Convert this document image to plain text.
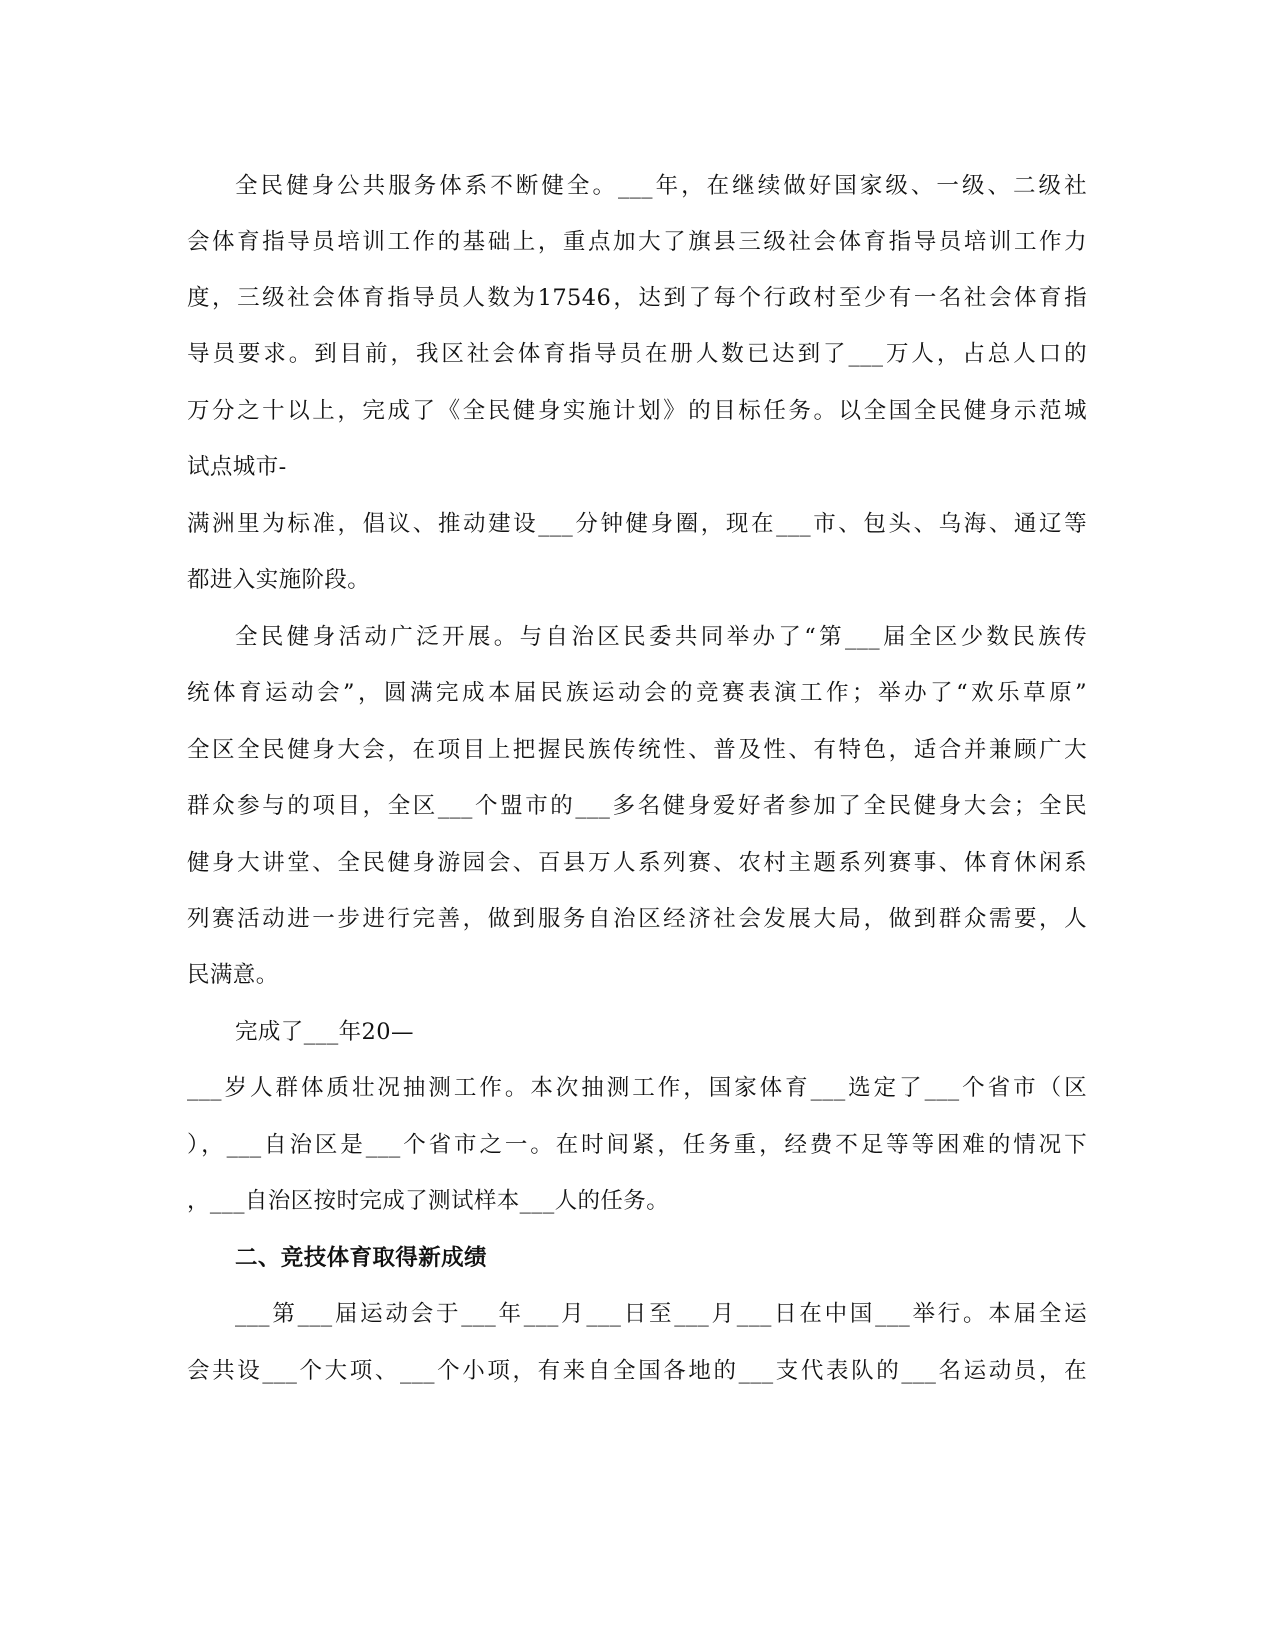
全民健身公共服务体系不断健全。___年，在继续做好国家级、一级、二级社
会体育指导员培训工作的基础上，重点加大了旗县三级社会体育指导员培训工作力
度，三级社会体育指导员人数为17546，达到了每个行政村至少有一名社会体育指
导员要求。到目前，我区社会体育指导员在册人数已达到了___万人，占总人口的
万分之十以上，完成了《全民健身实施计划》的目标任务。以全国全民健身示范城
试点城市-
满洲里为标准，倡议、推动建设___分钟健身圈，现在___市、包头、乌海、通辽等
都进入实施阶段。
全民健身活动广泛开展。与自治区民委共同举办了“第___届全区少数民族传
统体育运动会”，圆满完成本届民族运动会的竞赛表演工作；举办了“欢乐草原”
全区全民健身大会，在项目上把握民族传统性、普及性、有特色，适合并兼顾广大
群众参与的项目，全区___个盟市的___多名健身爱好者参加了全民健身大会；全民
健身大讲堂、全民健身游园会、百县万人系列赛、农村主题系列赛事、体育休闲系
列赛活动进一步进行完善，做到服务自治区经济社会发展大局，做到群众需要，人
民满意。
完成了___年20—
___岁人群体质壮况抽测工作。本次抽测工作，国家体育___选定了___个省市（区
），___自治区是___个省市之一。在时间紧，任务重，经费不足等等困难的情况下
，___自治区按时完成了测试样本___人的任务。
二、竞技体育取得新成绩
___第___届运动会于___年___月___日至___月___日在中国___举行。本届全运
会共设___个大项、___个小项，有来自全国各地的___支代表队的___名运动员，在
